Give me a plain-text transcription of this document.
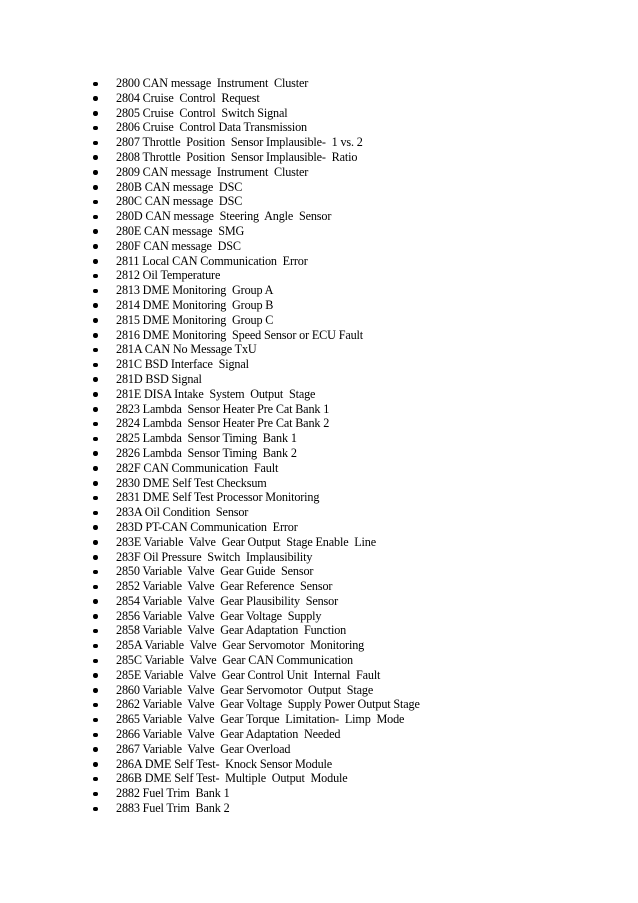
2800 CAN message  Instrument  Cluster
2804 Cruise  Control  Request
2805 Cruise  Control  Switch Signal
2806 Cruise  Control Data Transmission
2807 Throttle  Position  Sensor Implausible-  1 vs. 2
2808 Throttle  Position  Sensor Implausible-  Ratio
2809 CAN message  Instrument  Cluster
280B CAN message  DSC
280C CAN message  DSC
280D CAN message  Steering  Angle  Sensor
280E CAN message  SMG
280F CAN message  DSC
2811 Local CAN Communication  Error
2812 Oil Temperature
2813 DME Monitoring  Group A
2814 DME Monitoring  Group B
2815 DME Monitoring  Group C
2816 DME Monitoring  Speed Sensor or ECU Fault
281A CAN No Message TxU
281C BSD Interface  Signal
281D BSD Signal
281E DISA Intake  System  Output  Stage
2823 Lambda  Sensor Heater Pre Cat Bank 1
2824 Lambda  Sensor Heater Pre Cat Bank 2
2825 Lambda  Sensor Timing  Bank 1
2826 Lambda  Sensor Timing  Bank 2
282F CAN Communication  Fault
2830 DME Self Test Checksum
2831 DME Self Test Processor Monitoring
283A Oil Condition  Sensor
283D PT-CAN Communication  Error
283E Variable  Valve  Gear Output  Stage Enable  Line
283F Oil Pressure  Switch  Implausibility
2850 Variable  Valve  Gear Guide  Sensor
2852 Variable  Valve  Gear Reference  Sensor
2854 Variable  Valve  Gear Plausibility  Sensor
2856 Variable  Valve  Gear Voltage  Supply
2858 Variable  Valve  Gear Adaptation  Function
285A Variable  Valve  Gear Servomotor  Monitoring
285C Variable  Valve  Gear CAN Communication
285E Variable  Valve  Gear Control Unit  Internal  Fault
2860 Variable  Valve  Gear Servomotor  Output  Stage
2862 Variable  Valve  Gear Voltage  Supply Power Output Stage
2865 Variable  Valve  Gear Torque  Limitation-  Limp  Mode
2866 Variable  Valve  Gear Adaptation  Needed
2867 Variable  Valve  Gear Overload
286A DME Self Test-  Knock Sensor Module
286B DME Self Test-  Multiple  Output  Module
2882 Fuel Trim  Bank 1
2883 Fuel Trim  Bank 2
